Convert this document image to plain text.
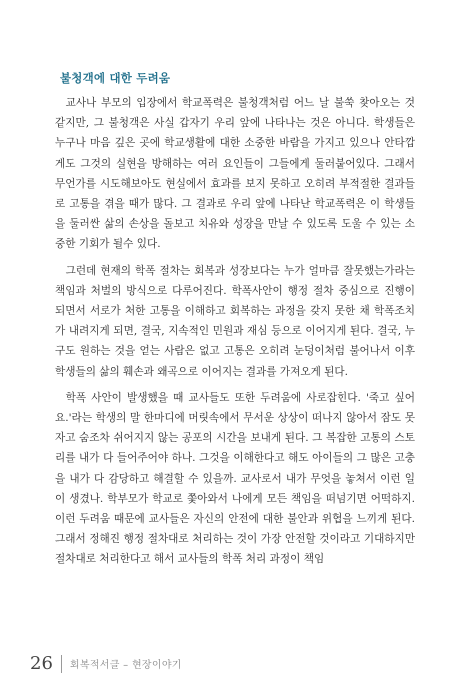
불청객에 대한 두려움

교사나 부모의 입장에서 학교폭력은 불청객처럼 어느 날 불쑥 찾아오는 것 같지만, 그 불청객은 사실 갑자기 우리 앞에 나타나는 것은 아니다. 학생들은 누구나 마음 깊은 곳에 학교생활에 대한 소중한 바람을 가지고 있으나 안타깝게도 그것의 실현을 방해하는 여러 요인들이 그들에게 둘러붙어있다. 그래서 무언가를 시도해보아도 현실에서 효과를 보지 못하고 오히려 부적절한 결과들로 고통을 겪을 때가 많다. 그 결과로 우리 앞에 나타난 학교폭력은 이 학생들을 둘러싼 삶의 손상을 돌보고 치유와 성장을 만날 수 있도록 도울 수 있는 소중한 기회가 될수 있다.

그런데 현재의 학폭 절차는 회복과 성장보다는 누가 얼마큼 잘못했는가라는 책임과 처벌의 방식으로 다루어진다. 학폭사안이 행정 절차 중심으로 진행이 되면서 서로가 처한 고통을 이해하고 회복하는 과정을 갖지 못한 채 학폭조치가 내려지게 되면, 결국, 지속적인 민원과 재심 등으로 이어지게 된다. 결국, 누구도 원하는 것을 얻는 사람은 없고 고통은 오히려 눈덩이처럼 불어나서 이후 학생들의 삶의 훼손과 왜곡으로 이어지는 결과를 가져오게 된다.

학폭 사안이 발생했을 때 교사들도 또한 두려움에 사로잡힌다. '죽고 싶어요.'라는 학생의 말 한마디에 머릿속에서 무서운 상상이 떠나지 않아서 잠도 못자고 숨조차 쉬어지지 않는 공포의 시간을 보내게 된다. 그 복잡한 고통의 스토리를 내가 다 들어주어야 하나. 그것을 이해한다고 해도 아이들의 그 많은 고충을 내가 다 감당하고 해결할 수 있을까. 교사로서 내가 무엇을 놓쳐서 이런 일이 생겼나. 학부모가 학교로 쫓아와서 나에게 모든 책임을 떠넘기면 어떡하지. 이런 두려움 때문에 교사들은 자신의 안전에 대한 불안과 위협을 느끼게 된다. 그래서 정해진 행정 절차대로 처리하는 것이 가장 안전할 것이라고 기대하지만 절차대로 처리한다고 해서 교사들의 학폭 처리 과정이 책임

26 회복적서클 – 현장이야기
